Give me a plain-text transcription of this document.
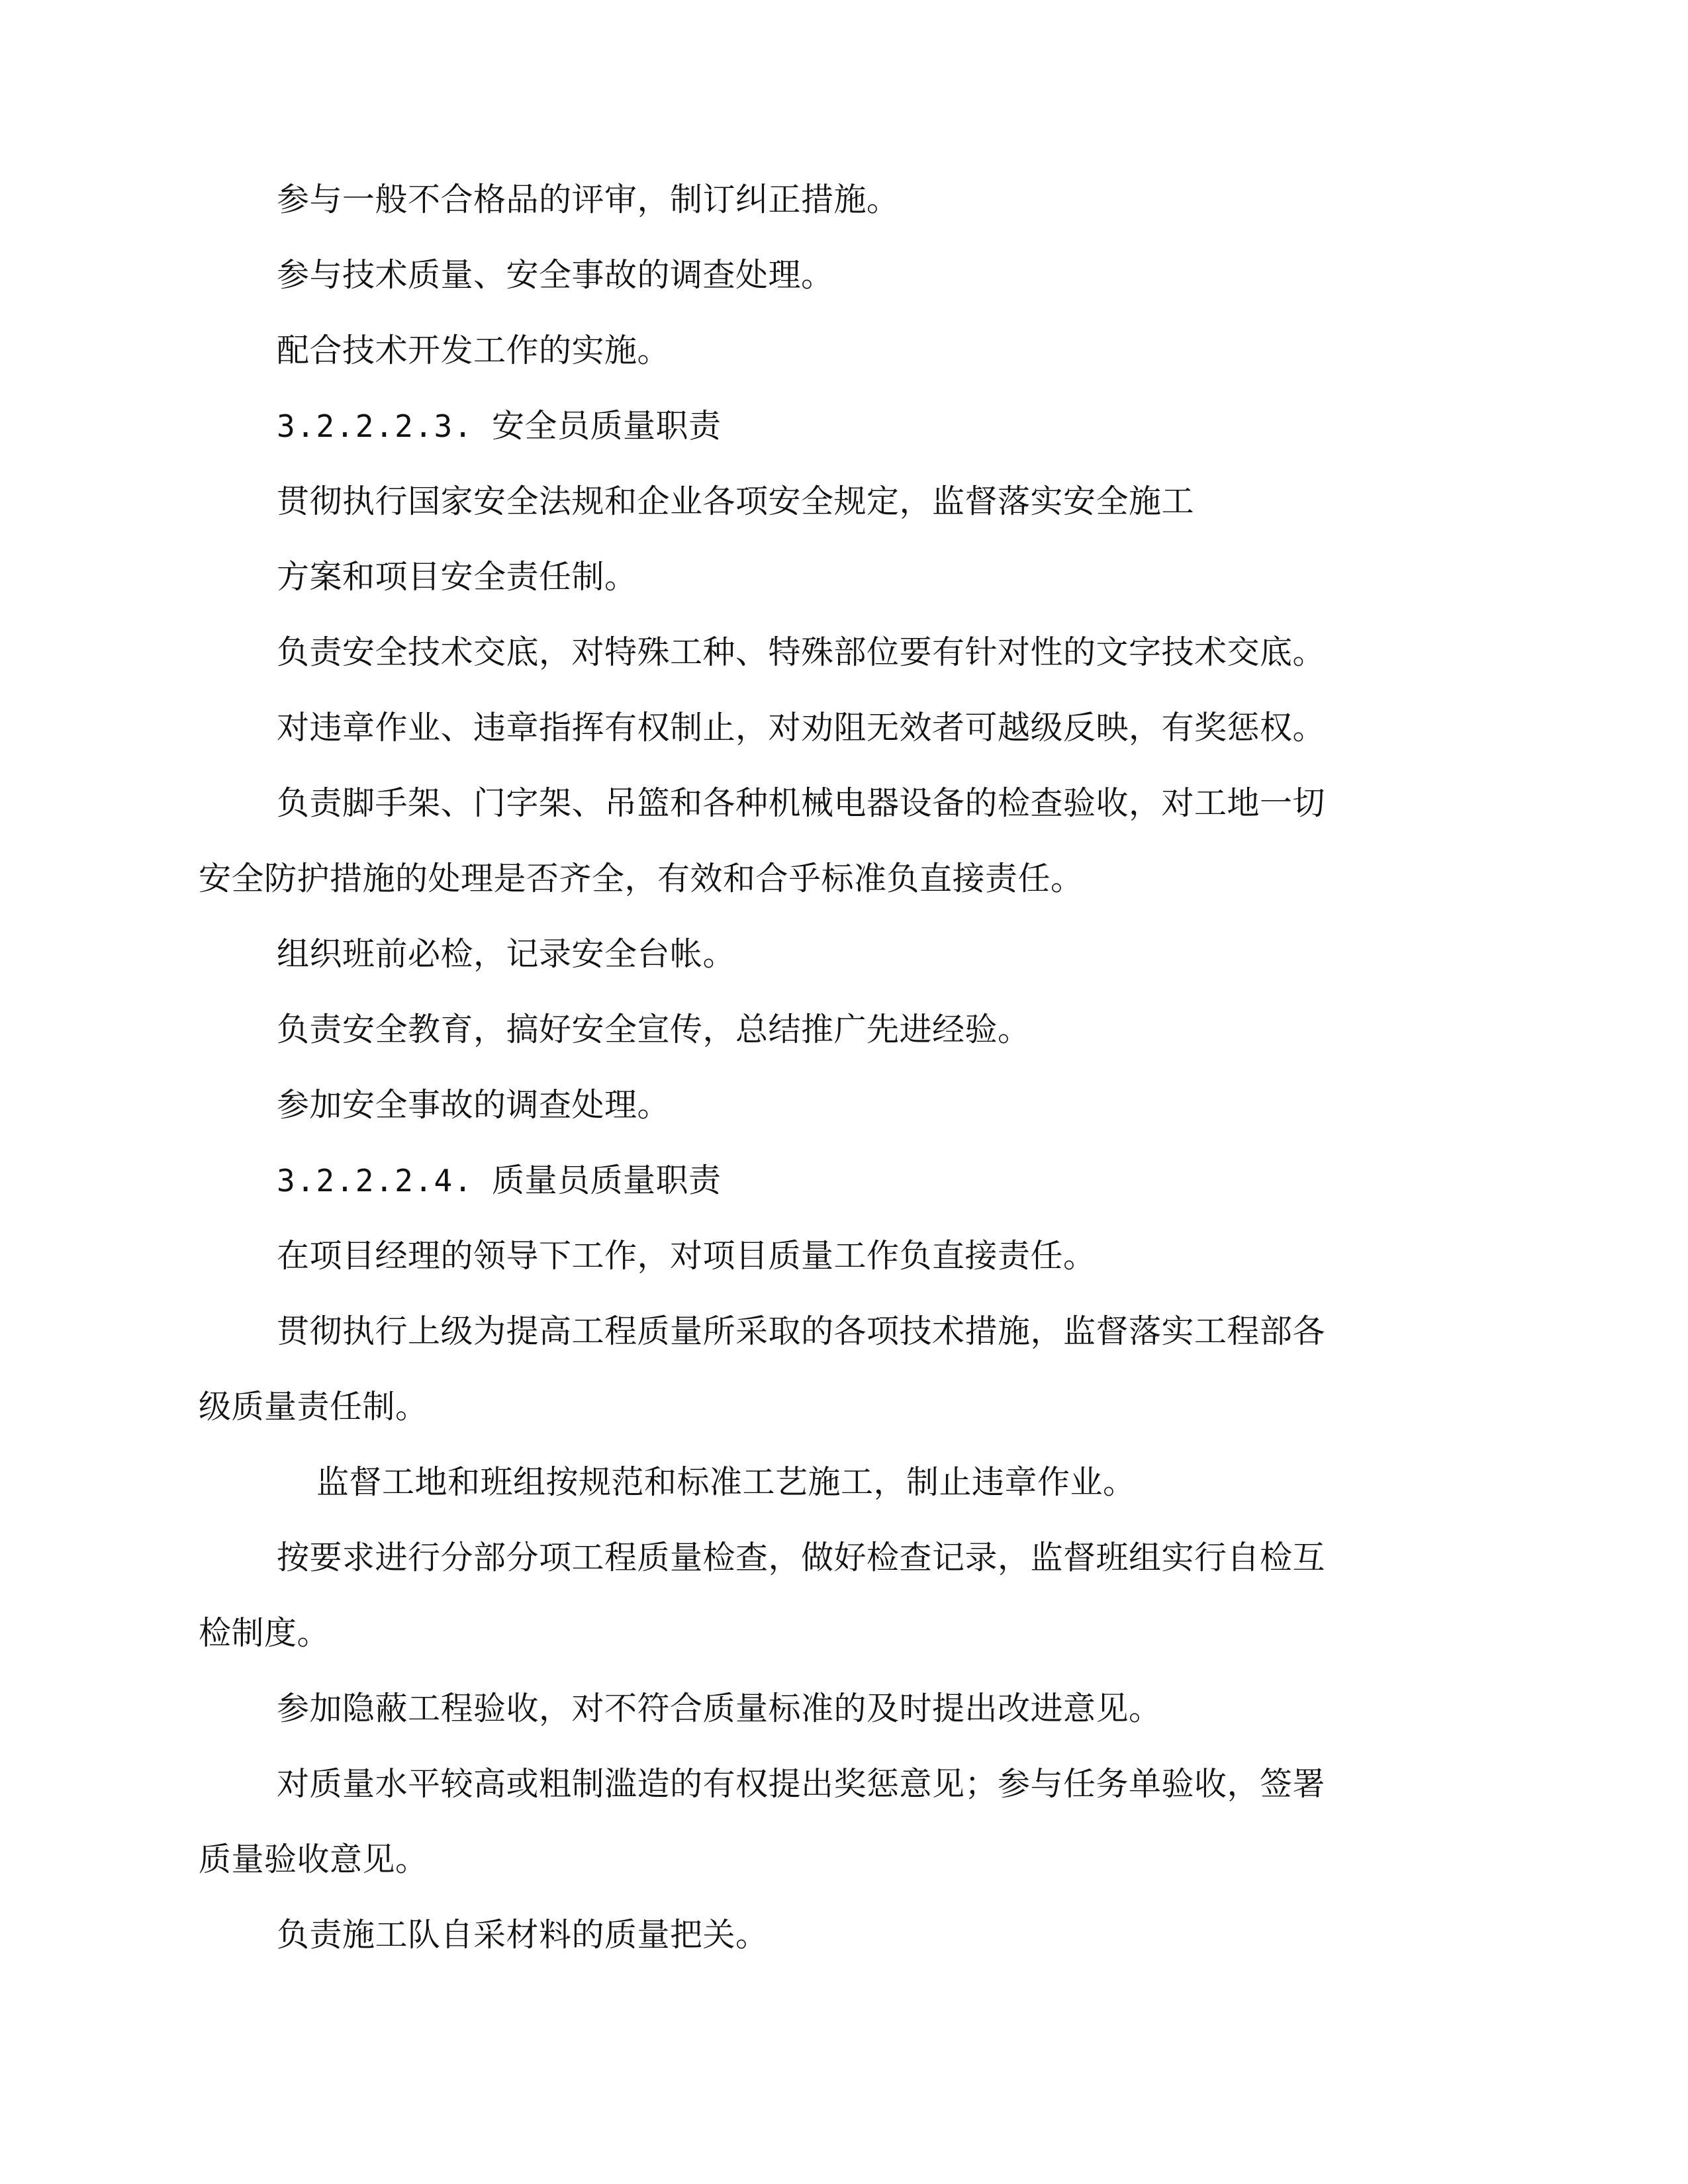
参与一般不合格品的评审，制订纠正措施。

参与技术质量、安全事故的调查处理。

配合技术开发工作的实施。

3.2.2.2.3. 安全员质量职责

贯彻执行国家安全法规和企业各项安全规定，监督落实安全施工

方案和项目安全责任制。

负责安全技术交底，对特殊工种、特殊部位要有针对性的文字技术交底。

对违章作业、违章指挥有权制止，对劝阻无效者可越级反映，有奖惩权。

负责脚手架、门字架、吊篮和各种机械电器设备的检查验收，对工地一切

安全防护措施的处理是否齐全，有效和合乎标准负直接责任。

组织班前必检，记录安全台帐。

负责安全教育，搞好安全宣传，总结推广先进经验。

参加安全事故的调查处理。

3.2.2.2.4. 质量员质量职责

在项目经理的领导下工作，对项目质量工作负直接责任。

贯彻执行上级为提高工程质量所采取的各项技术措施，监督落实工程部各

级质量责任制。

监督工地和班组按规范和标准工艺施工，制止违章作业。

按要求进行分部分项工程质量检查，做好检查记录，监督班组实行自检互

检制度。

参加隐蔽工程验收，对不符合质量标准的及时提出改进意见。

对质量水平较高或粗制滥造的有权提出奖惩意见；参与任务单验收，签署

质量验收意见。

负责施工队自采材料的质量把关。
